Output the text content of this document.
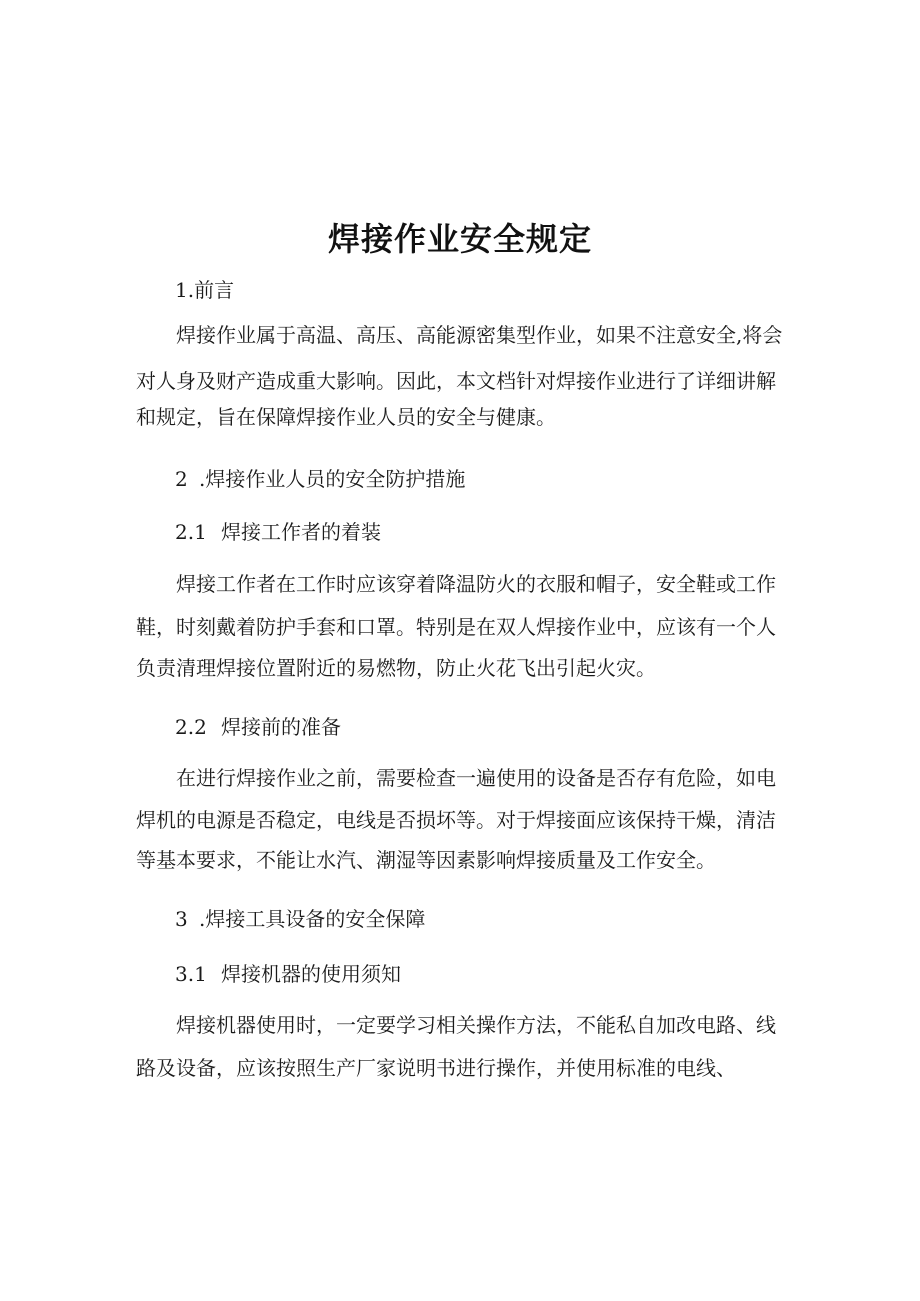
焊接作业安全规定
1.前言
焊接作业属于高温、高压、高能源密集型作业，如果不注意安全,将会
对人身及财产造成重大影响。因此，本文档针对焊接作业进行了详细讲解
和规定，旨在保障焊接作业人员的安全与健康。
2 .焊接作业人员的安全防护措施
2.1 焊接工作者的着装
焊接工作者在工作时应该穿着降温防火的衣服和帽子，安全鞋或工作
鞋，时刻戴着防护手套和口罩。特别是在双人焊接作业中，应该有一个人
负责清理焊接位置附近的易燃物，防止火花飞出引起火灾。
2.2 焊接前的准备
在进行焊接作业之前，需要检查一遍使用的设备是否存有危险，如电
焊机的电源是否稳定，电线是否损坏等。对于焊接面应该保持干燥，清洁
等基本要求，不能让水汽、潮湿等因素影响焊接质量及工作安全。
3 .焊接工具设备的安全保障
3.1 焊接机器的使用须知
焊接机器使用时，一定要学习相关操作方法，不能私自加改电路、线
路及设备，应该按照生产厂家说明书进行操作，并使用标准的电线、
